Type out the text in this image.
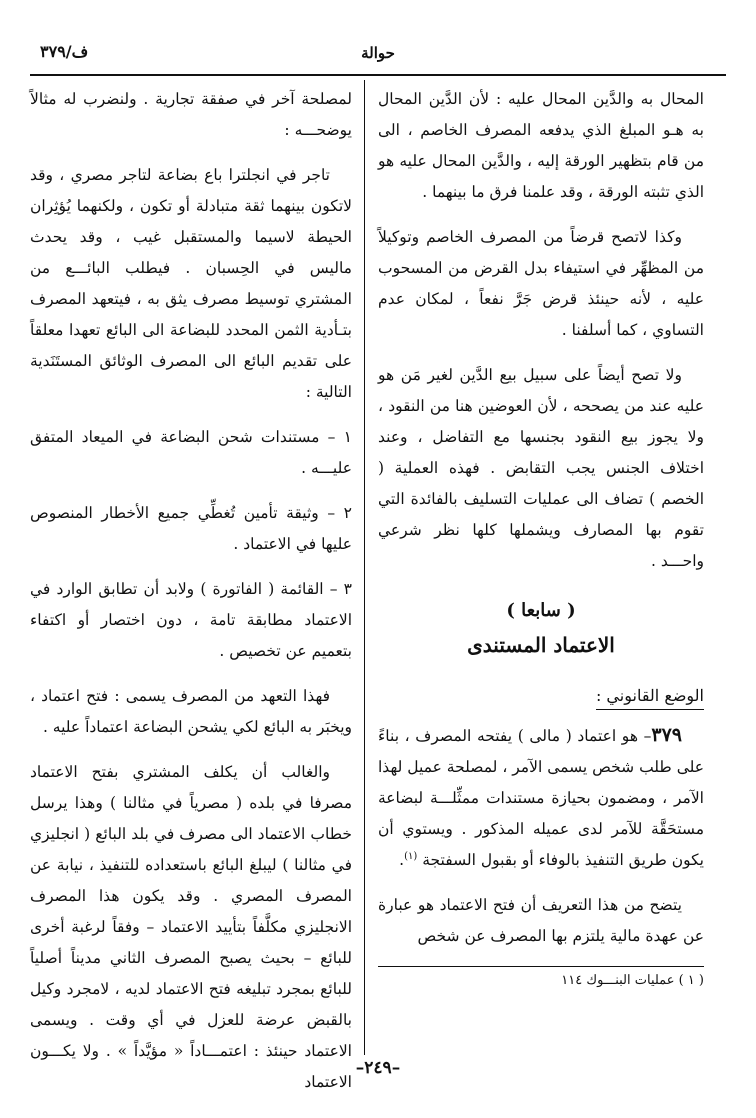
ف/٣٧٩	حوالة

المحال به والدَّين المحال عليه : لأن الدَّين المحال به هـو المبلغ الذي يدفعه المصرف الخاصم ، الى من قام بتظهير الورقة إليه ، والدَّين المحال عليه هو الذي تثبته الورقة ، وقد علمنا فرق ما بينهما .

وكذا لاتصح قرضاً من المصرف الخاصم وتوكيلاً من المظهِّر في استيفاء بدل القرض من المسحوب عليه ، لأنه حينئذ قرض جَرَّ نفعاً ، لمكان عدم التساوي ، كما أسلفنا .

ولا تصح أيضاً على سبيل بيع الدَّين لغير مَن هو عليه عند من يصححه ، لأن العوضين هنا من النقود ، ولا يجوز بيع النقود بجنسها مع التفاضل ، وعند اختلاف الجنس يجب التقابض . فهذه العملية ( الخصم ) تضاف الى عمليات التسليف بالفائدة التي تقوم بها المصارف ويشملها كلها نظر شرعي واحـــد .

( سابعا )
الاعتماد المستندى
الوضع القانوني :

٣٧٩– هو اعتماد ( مالى ) يفتحه المصرف ، بناءً على طلب شخص يسمى الآمر ، لمصلحة عميل لهذا الآمر ، ومضمون بحيازة مستندات ممثِّلـــة لبضاعة مستحَقَّة للآمر لدى عميله المذكور . ويستوي أن يكون طريق التنفيذ بالوفاء أو بقبول السفتجة $^{(١)}$.

يتضح من هذا التعريف أن فتح الاعتماد هو عبارة عن عهدة مالية يلتزم بها المصرف عن شخص

( ١ ) عمليات البنـــوك ١١٤

لمصلحة آخر في صفقة تجارية . ولنضرب له مثالاً يوضحـــه :

تاجر في انجلترا باع بضاعة لتاجر مصري ، وقد لاتكون بينهما ثقة متبادلة أو تكون ، ولكنهما يُؤثِران الحيطة لاسيما والمستقبل غيب ، وقد يحدث ماليس في الحِسبان . فيطلب البائـــع من المشتري توسيط مصرف يثق به ، فيتعهد المصرف بتـأدية الثمن المحدد للبضاعة الى البائع تعهدا معلقاً على تقديم البائع الى المصرف الوثائق المستَنَدية التالية :

١ – مستندات شحن البضاعة في الميعاد المتفق عليـــه .
٢ – وثيقة تأمين تُغطِّي جميع الأخطار المنصوص عليها في الاعتماد .
٣ – القائمة ( الفاتورة ) ولابد أن تطابق الوارد في الاعتماد مطابقة تامة ، دون اختصار أو اكتفاء بتعميم عن تخصيص .

فهذا التعهد من المصرف يسمى : فتح اعتماد ، ويخبَر به البائع لكي يشحن البضاعة اعتماداً عليه .

والغالب أن يكلف المشتري بفتح الاعتماد مصرفا في بلده ( مصرياً في مثالنا ) وهذا يرسل خطاب الاعتماد الى مصرف في بلد البائع ( انجليزي في مثالنا ) ليبلغ البائع باستعداده للتنفيذ ، نيابة عن المصرف المصري . وقد يكون هذا المصرف الانجليزي مكلَّفاً بتأييد الاعتماد – وفقاً لرغبة أخرى للبائع – بحيث يصبح المصرف الثاني مديناً أصلياً للبائع بمجرد تبليغه فتح الاعتماد لديه ، لامجرد وكيل بالقبض عرضة للعزل في أي وقت . ويسمى الاعتماد حينئذ : اعتمـــاداً « مؤيَّداً » . ولا يكـــون الاعتماد

–٢٤٩–
